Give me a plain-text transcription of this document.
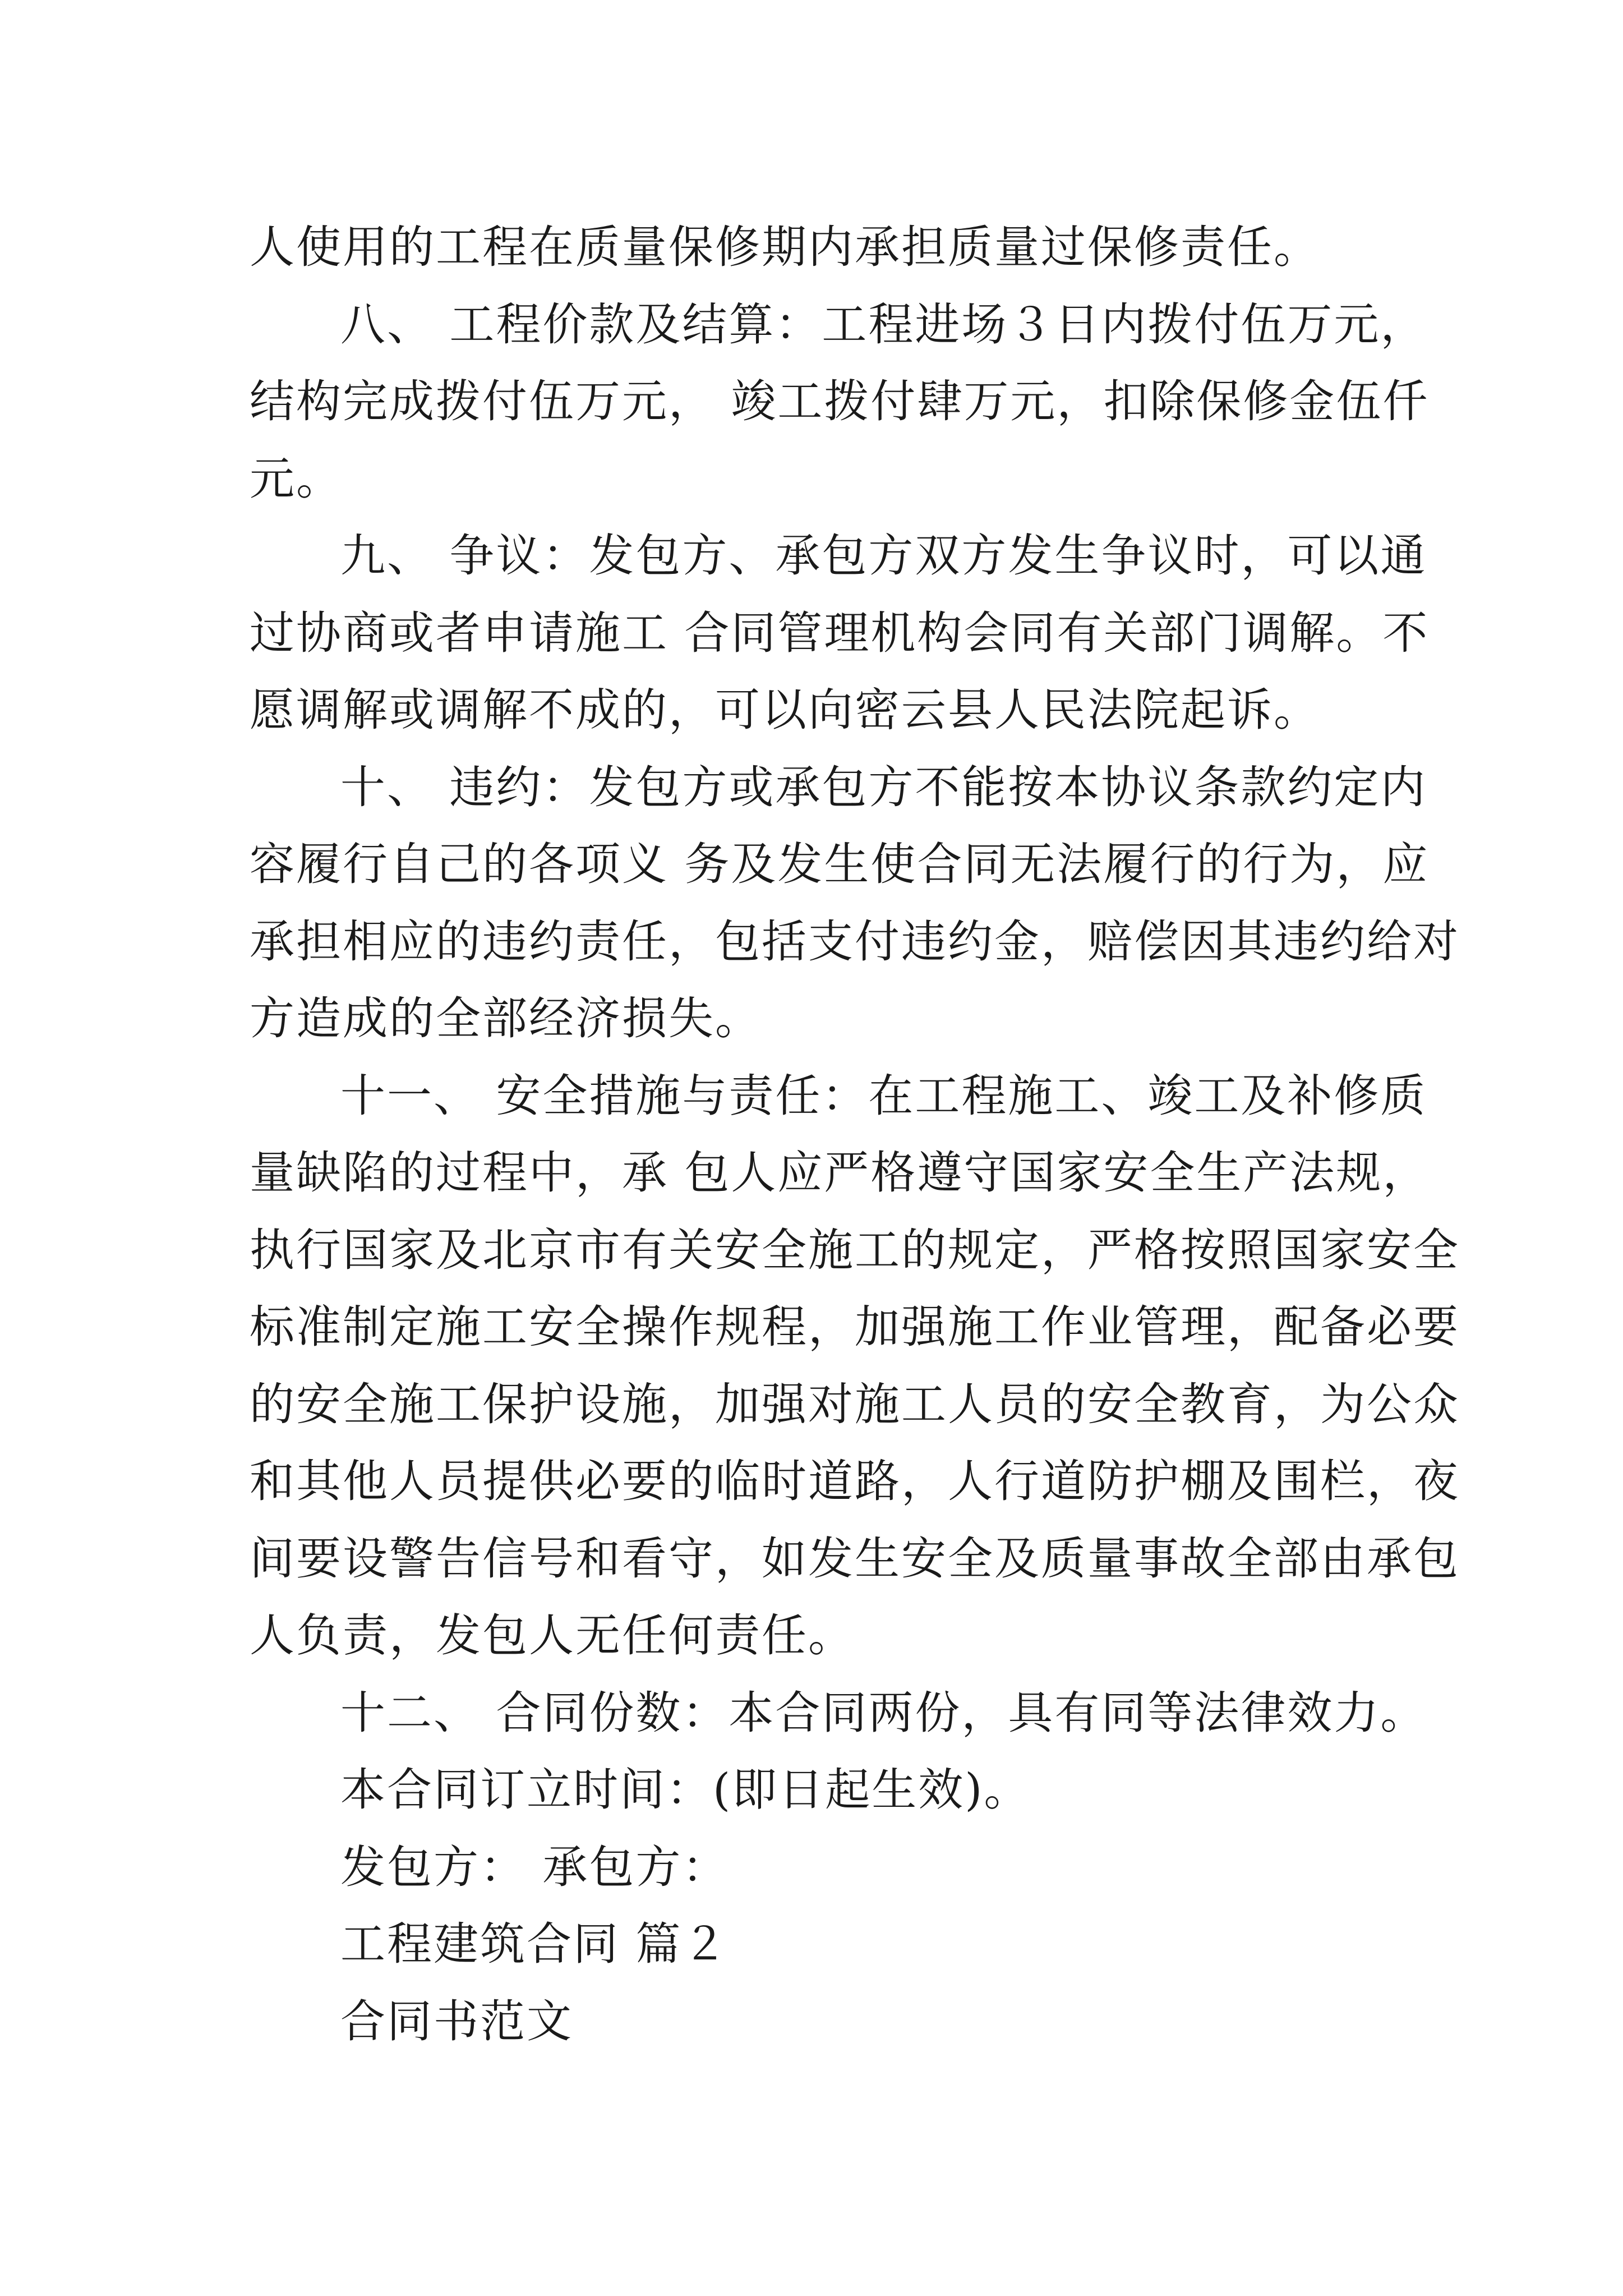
人使用的工程在质量保修期内承担质量过保修责任。
八、 工程价款及结算：工程进场３日内拨付伍万元，
结构完成拨付伍万元， 竣工拨付肆万元，扣除保修金伍仟
元。
九、 争议：发包方、承包方双方发生争议时，可以通
过协商或者申请施工 合同管理机构会同有关部门调解。不
愿调解或调解不成的，可以向密云县人民法院起诉。
十、 违约：发包方或承包方不能按本协议条款约定内
容履行自己的各项义 务及发生使合同无法履行的行为，应
承担相应的违约责任，包括支付违约金，赔偿因其违约给对
方造成的全部经济损失。
十一、 安全措施与责任：在工程施工、竣工及补修质
量缺陷的过程中，承 包人应严格遵守国家安全生产法规，
执行国家及北京市有关安全施工的规定，严格按照国家安全
标准制定施工安全操作规程，加强施工作业管理，配备必要
的安全施工保护设施，加强对施工人员的安全教育，为公众
和其他人员提供必要的临时道路，人行道防护棚及围栏，夜
间要设警告信号和看守，如发生安全及质量事故全部由承包
人负责，发包人无任何责任。
十二、 合同份数：本合同两份，具有同等法律效力。
本合同订立时间：(即日起生效)。
发包方： 承包方：
工程建筑合同 篇２
合同书范文
